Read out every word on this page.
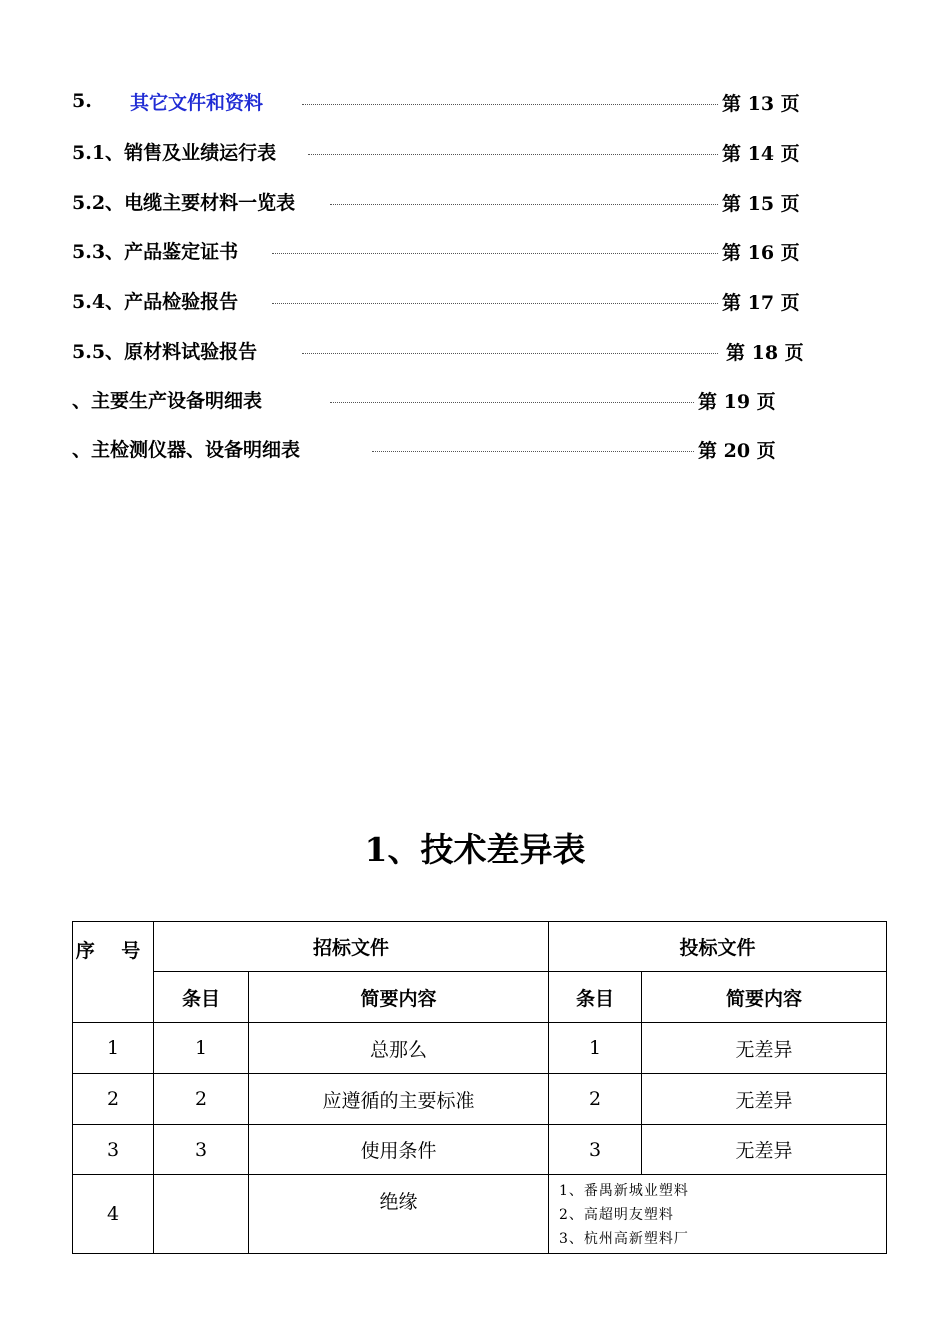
5.	其它文件和资料	第 13 页
5.1、 销售及业绩运行表	第 14 页
5.2、 电缆主要材料一览表	第 15 页
5.3、 产品鉴定证书	第 16 页
5.4、 产品检验报告	第 17 页
5.5、 原材料试验报告	第 18 页
、主要生产设备明细表	第 19 页
、主检测仪器、设备明细表	第 20 页
1、技术差异表
序 号	招标文件		投标文件	
	条目	简要内容	条目	简要内容
1	1	总那么	1	无差异
2	2	应遵循的主要标准	2	无差异
3	3	使用条件	3	无差异
4		绝缘	1、番禺新城业塑料
2、高超明友塑料
3、杭州高新塑料厂	
